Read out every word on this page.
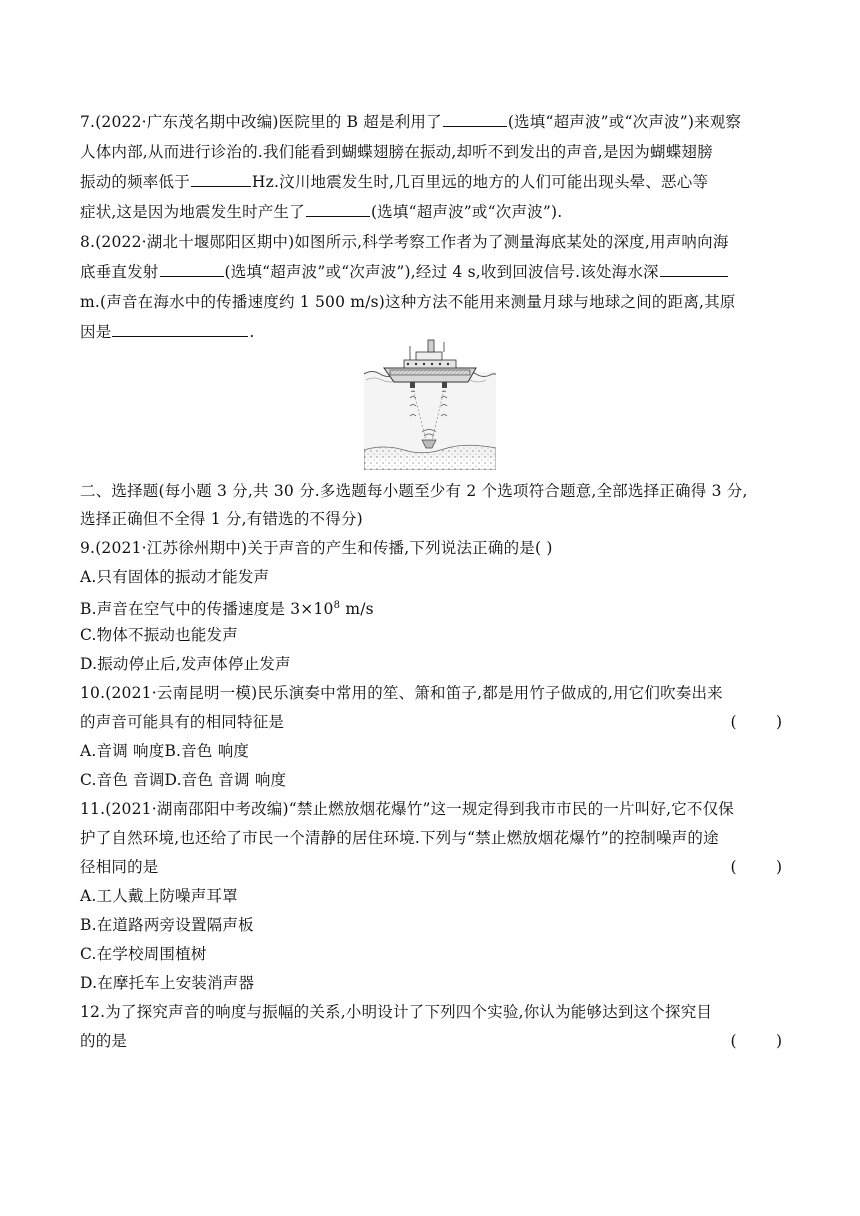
7.(2022·广东茂名期中改编)医院里的 B 超是利用了	(选填“超声波”或“次声波”)来观察
人体内部,从而进行诊治的.我们能看到蝴蝶翅膀在振动,却听不到发出的声音,是因为蝴蝶翅膀
振动的频率低于	Hz.汶川地震发生时,几百里远的地方的人们可能出现头晕、恶心等
症状,这是因为地震发生时产生了	(选填“超声波”或“次声波”).
8.(2022·湖北十堰郧阳区期中)如图所示,科学考察工作者为了测量海底某处的深度,用声呐向海
底垂直发射	(选填“超声波”或“次声波”),经过 4 s,收到回波信号.该处海水深
m.(声音在海水中的传播速度约 1 500 m/s)这种方法不能用来测量月球与地球之间的距离,其原
因是	.
二、选择题(每小题 3 分,共 30 分.多选题每小题至少有 2 个选项符合题意,全部选择正确得 3 分,
选择正确但不全得 1 分,有错选的不得分)
9.(2021·江苏徐州期中)关于声音的产生和传播,下列说法正确的是( )
A.只有固体的振动才能发声
B.声音在空气中的传播速度是 $3\times 10^8$ m/s
C.物体不振动也能发声
D.振动停止后,发声体停止发声
10.(2021·云南昆明一模)民乐演奏中常用的笙、箫和笛子,都是用竹子做成的,用它们吹奏出来
的声音可能具有的相同特征是	(        )
A.音调 响度B.音色 响度
C.音色 音调D.音色 音调 响度
11.(2021·湖南邵阳中考改编)“禁止燃放烟花爆竹”这一规定得到我市市民的一片叫好,它不仅保
护了自然环境,也还给了市民一个清静的居住环境.下列与“禁止燃放烟花爆竹”的控制噪声的途
径相同的是	(        )
A.工人戴上防噪声耳罩
B.在道路两旁设置隔声板
C.在学校周围植树
D.在摩托车上安装消声器
12.为了探究声音的响度与振幅的关系,小明设计了下列四个实验,你认为能够达到这个探究目
的的是	(        )
